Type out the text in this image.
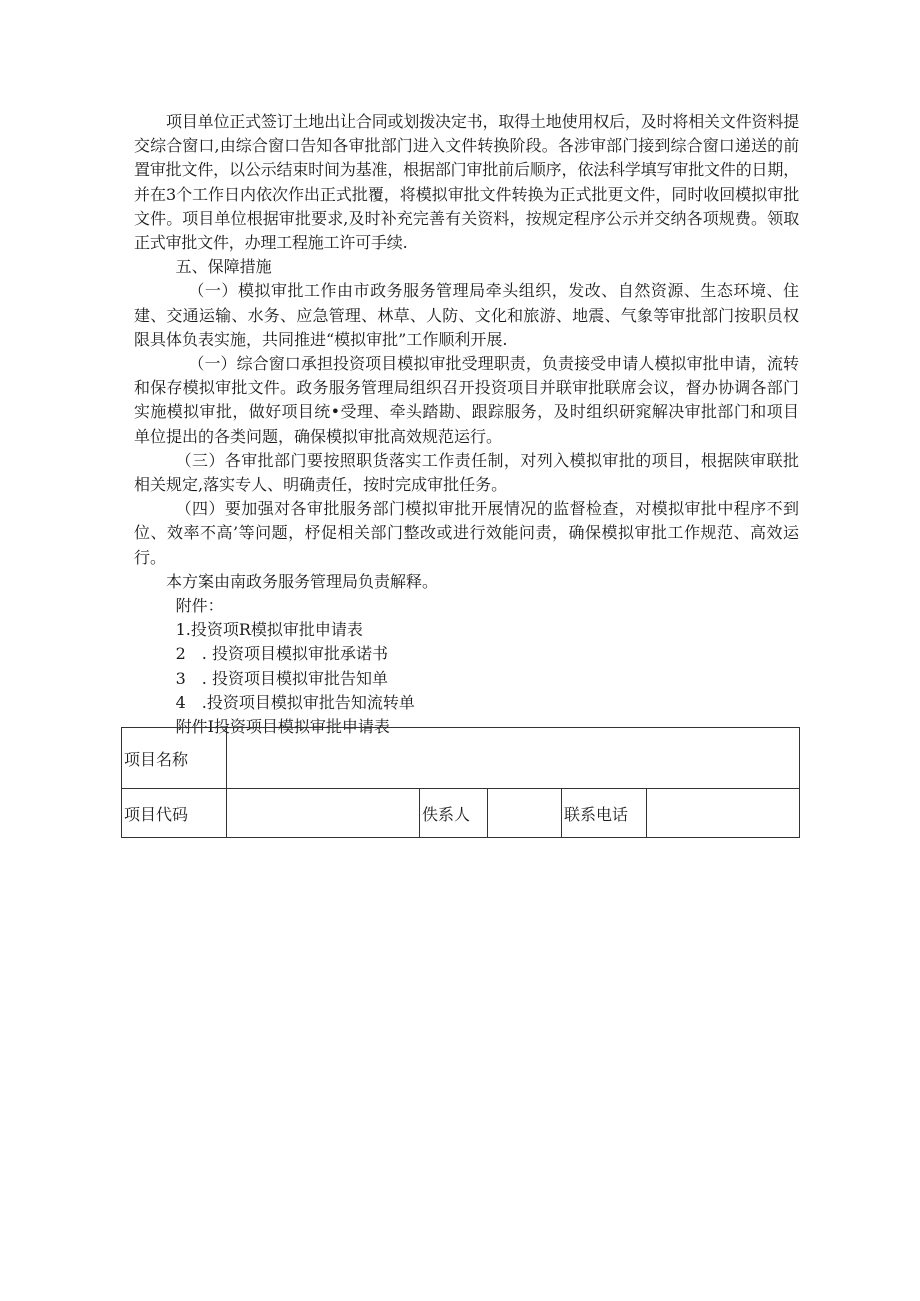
项目单位正式签订土地出让合同或划拨决定书，取得土地使用权后，及时将相关文件资料提交综合窗口,由综合窗口告知各审批部门进入文件转换阶段。各涉审部门接到综合窗口递送的前置审批文件，以公示结束时间为基准，根据部门审批前后顺序，依法科学填写审批文件的日期，并在3个工作日内依次作出正式批覆，将模拟审批文件转换为正式批更文件，同时收回模拟审批文件。项目单位根据审批要求,及时补充完善有关资料，按规定程序公示并交纳各项规费。领取正式审批文件，办理工程施工许可手续.

五、保障措施

（一）模拟审批工作由市政务服务管理局牵头组织，发改、自然资源、生态环境、住建、交通运输、水务、应急管理、林草、人防、文化和旅游、地震、气象等审批部门按职员权限具体负表实施，共同推进“模拟审批”工作顺利开展.

（一）综合窗口承担投资项目模拟审批受理职责，负责接受申请人模拟审批申请，流转和保存模拟审批文件。政务服务管理局组织召开投资项目并联审批联席会议，督办协调各部门实施模拟审批，做好项目统•受理、牵头踏勘、跟踪服务，及时组织研窕解决审批部门和项目单位提出的各类问题，确保模拟审批高效规范运行。

（三）各审批部门要按照职货落实工作责任制，对列入模拟审批的项目，根据陕审联批相关规定,落实专人、明确责任，按时完成审批任务。

（四）要加强对各审批服务部门模拟审批开展情况的监督检查，对模拟审批中程序不到位、效率不高’等问题，杼促相关部门整改或进行效能问责，确保模拟审批工作规范、高效运行。

本方案由南政务服务管理局负责解释。

附件：

1.投资项R模拟审批申请表

2　. 投资项目模拟审批承诺书

3　. 投资项目模拟审批告知单

4　.投资项目模拟审批告知流转单

附件I投资项目模拟审批申请表

项目名称					
项目代码		佚系人		联系电话	
